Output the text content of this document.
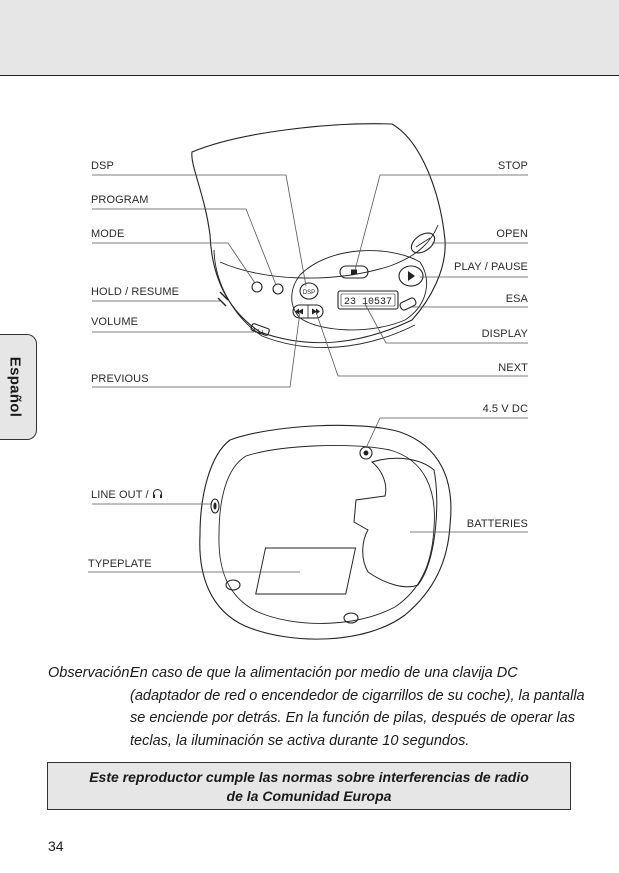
Español
DSP
23 10537
DSP
PROGRAM
MODE
HOLD / RESUME
VOLUME
PREVIOUS
STOP
OPEN
PLAY / PAUSE
ESA
DISPLAY
NEXT
4.5 V DC
LINE OUT /
BATTERIES
TYPEPLATE
Observación:
En caso de que la alimentación por medio de una clavija DC (adaptador de red o encendedor de cigarrillos de su coche), la pantalla se enciende por detrás. En la función de pilas, después de operar las teclas, la iluminación se activa durante 10 segundos.
Este reproductor cumple las normas sobre interferencias de radio
de la Comunidad Europa
34
